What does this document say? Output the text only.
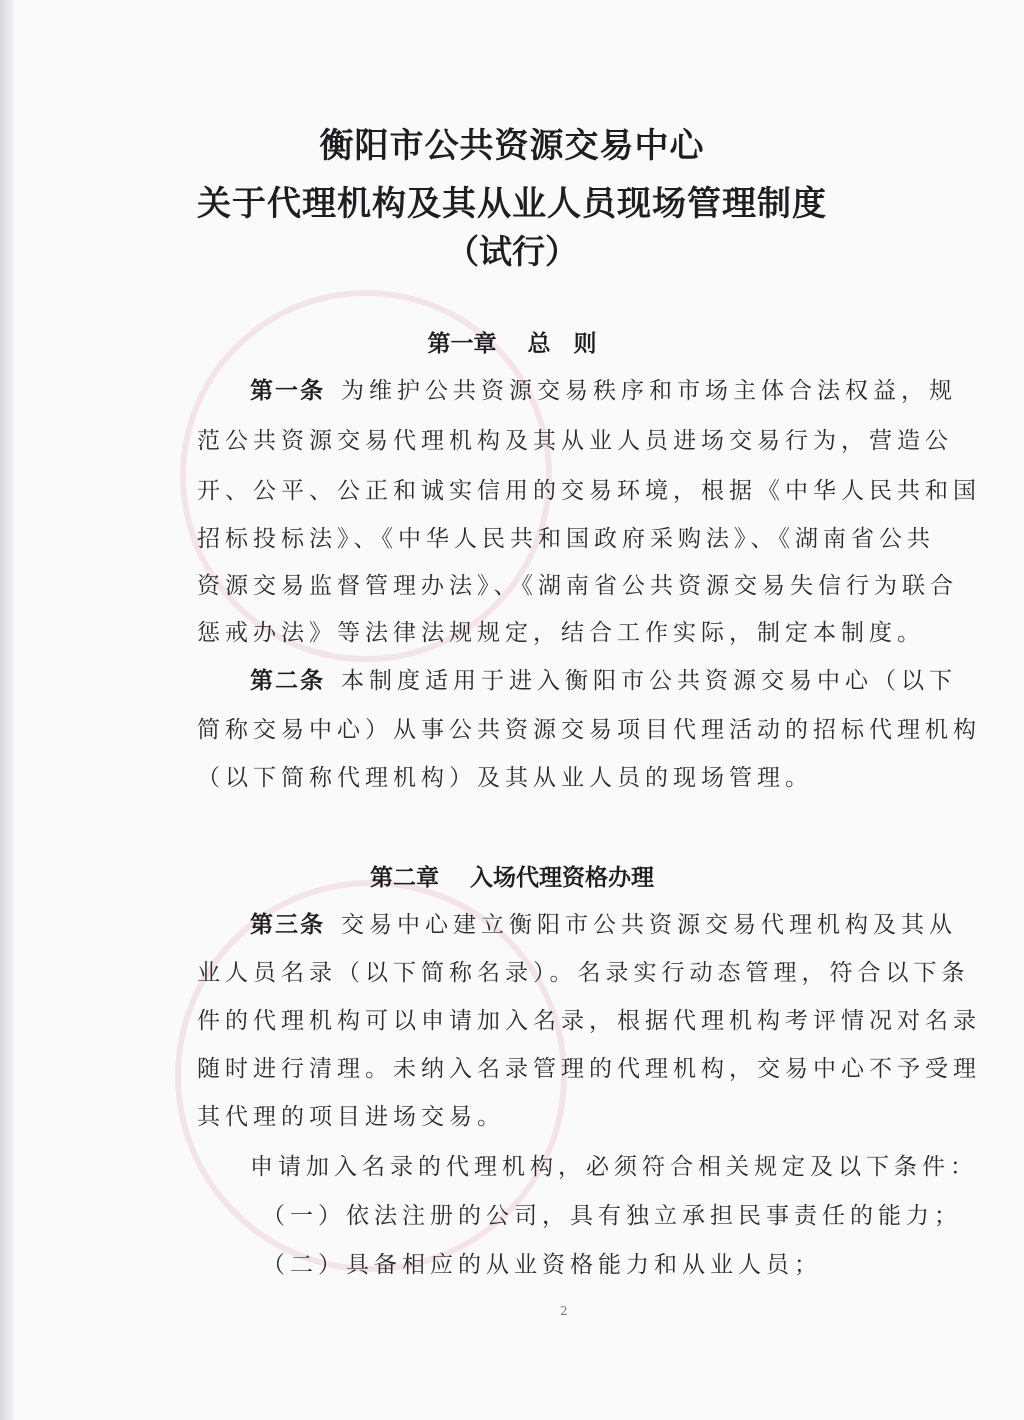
衡阳市公共资源交易中心
关于代理机构及其从业人员现场管理制度
（试行）
第一章　 总　则

第一条 为维护公共资源交易秩序和市场主体合法权益，规

范公共资源交易代理机构及其从业人员进场交易行为，营造公

开、公平、公正和诚实信用的交易环境，根据《中华人民共和国

招标投标法》、《中华人民共和国政府采购法》、《湖南省公共

资源交易监督管理办法》、《湖南省公共资源交易失信行为联合

惩戒办法》等法律法规规定，结合工作实际，制定本制度。

第二条 本制度适用于进入衡阳市公共资源交易中心（以下

简称交易中心）从事公共资源交易项目代理活动的招标代理机构

（以下简称代理机构）及其从业人员的现场管理。

第二章　 入场代理资格办理

第三条 交易中心建立衡阳市公共资源交易代理机构及其从

业人员名录（以下简称名录）。名录实行动态管理，符合以下条

件的代理机构可以申请加入名录，根据代理机构考评情况对名录

随时进行清理。未纳入名录管理的代理机构，交易中心不予受理

其代理的项目进场交易。

申请加入名录的代理机构，必须符合相关规定及以下条件：

（一）依法注册的公司，具有独立承担民事责任的能力；

（二）具备相应的从业资格能力和从业人员；

2
